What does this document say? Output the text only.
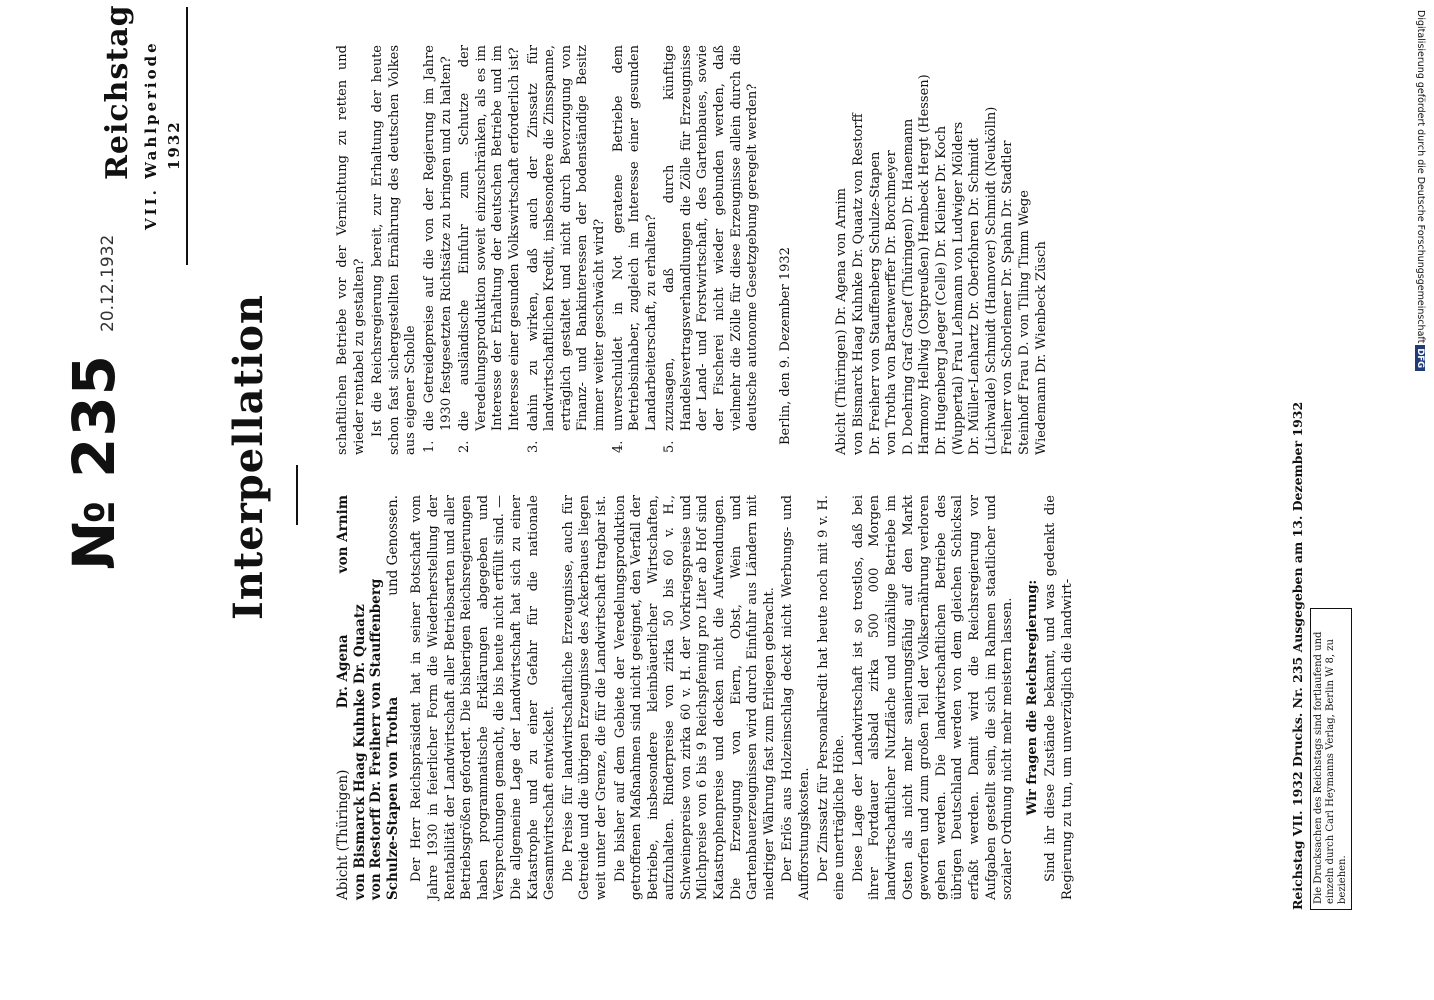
Reichstag VII. Wahlperiode 1932
20.12.1932
№ 235 Interpellation
Abicht (Thüringen)
Dr. Agena
von Arnim
von Bismarck Haag Kuhnke Dr. Quaatz von Restorff Dr. Freiherr von Stauffenberg Schulze-Stapen von Trotha
und Genossen. Der Herr Reichspräsident hat in seiner Botschaft vom Jahre 1930 in feierlicher Form die Wiederherstellung der Rentabilität der Landwirtschaft aller Betriebsarten und aller Betriebsgrößen gefordert. Die bisherigen Reichsregierungen haben programmatische Erklärungen abgegeben und Versprechungen gemacht, die bis heute nicht erfüllt sind. — Die allgemeine Lage der Landwirtschaft hat sich zu einer Katastrophe und zu einer Gefahr für die nationale Gesamtwirtschaft entwickelt. Die Preise für landwirtschaftliche Erzeugnisse, auch für Getreide und die übrigen Erzeugnisse des Ackerbaues liegen weit unter der Grenze, die für die Landwirtschaft tragbar ist. Die bisher auf dem Gebiete der Veredelungsproduktion getroffenen Maßnahmen sind nicht geeignet, den Verfall der Betriebe, insbesondere kleinbäuerlicher Wirtschaften, aufzuhalten. Rinderpreise von zirka 50 bis 60 v. H., Schweinepreise von zirka 60 v. H. der Vorkriegspreise und Milchpreise von 6 bis 9 Reichspfennig pro Liter ab Hof sind Katastrophenpreise und decken nicht die Aufwendungen. Die Erzeugung von Eiern, Obst, Wein und Gartenbauerzeugnissen wird durch Einfuhr aus Ländern mit niedriger Währung fast zum Erliegen gebracht. Der Erlös aus Holzeinschlag deckt nicht Werbungs- und Aufforstungskosten. Der Zinssatz für Personalkredit hat heute noch mit 9 v. H. eine unerträgliche Höhe. Diese Lage der Landwirtschaft ist so trostlos, daß bei ihrer Fortdauer alsbald zirka 500 000 Morgen landwirtschaftlicher Nutzfläche und unzählige Betriebe im Osten als nicht mehr sanierungsfähig auf den Markt geworfen und zum großen Teil der Volksernährung verloren gehen werden. Die landwirtschaftlichen Betriebe des übrigen Deutschland werden von dem gleichen Schicksal erfaßt werden. Damit wird die Reichsregierung vor Aufgaben gestellt sein, die sich im Rahmen staatlicher und sozialer Ordnung nicht mehr meistern lassen. Wir fragen die Reichsregierung: Sind ihr diese Zustände bekannt, und was gedenkt die Regierung zu tun, um unverzüglich die landwirt-

schaftlichen Betriebe vor der Vernichtung zu retten und wieder rentabel zu gestalten? Ist die Reichsregierung bereit, zur Erhaltung der heute schon fast sichergestellten Ernährung des deutschen Volkes aus eigener Scholle 1.
die Getreidepreise auf die von der Regierung im Jahre 1930 festgesetzten Richtsätze zu bringen und zu halten?

2.
die ausländische Einfuhr zum Schutze der Veredelungsproduktion soweit einzuschränken, als es im Interesse der Erhaltung der deutschen Betriebe und im Interesse einer gesunden Volkswirtschaft erforderlich ist?

3.
dahin zu wirken, daß auch der Zinssatz für landwirtschaftlichen Kredit, insbesondere die Zinsspanne, erträglich gestaltet und nicht durch Bevorzugung von Finanz- und Bankinteressen der bodenständige Besitz immer weiter geschwächt wird?

4.
unverschuldet in Not geratene Betriebe dem Betriebsinhaber, zugleich im Interesse einer gesunden Landarbeiterschaft, zu erhalten?

5.
zuzusagen, daß durch künftige Handelsvertragsverhandlungen die Zölle für Erzeugnisse der Land- und Forstwirtschaft, des Gartenbaues, sowie der Fischerei nicht wieder gebunden werden, daß vielmehr die Zölle für diese Erzeugnisse allein durch die deutsche autonome Gesetzgebung geregelt werden? Berlin, den 9. Dezember 1932	Abicht (Thüringen) Dr. Agena von Arnim von Bismarck Haag Kuhnke Dr. Quaatz von Restorff Dr. Freiherr von Stauffenberg Schulze-Stapen von Trotha von Bartenwerffer Dr. Borchmeyer D. Doehring Graf Graef (Thüringen) Dr. Hanemann Harmony Hellwig (Ostpreußen) Hembeck Hergt (Hessen) Dr. Hugenberg Jaeger (Celle) Dr. Kleiner Dr. Koch (Wuppertal) Frau Lehmann von Ludwiger Mölders Dr. Müller-Lenhartz Dr. Oberfohren Dr. Schmidt (Lichwalde) Schmidt (Hannover) Schmidt (Neukölln) Freiherr von Schorlemer Dr. Spahn Dr. Stadtler Steinhoff Frau D. von Tiling Timm Wege Wiedemann Dr. Wienbeck Züsch
Reichstag VII. 1932 Drucks. Nr. 235 Ausgegeben am 13. Dezember 1932 Die Drucksachen des Reichstags sind fortlaufend und einzeln durch Carl Heymanns Verlag, Berlin W 8, zu beziehen.
Digitalisierung gefördert durch die Deutsche ForschungsgemeinschaftDFG
